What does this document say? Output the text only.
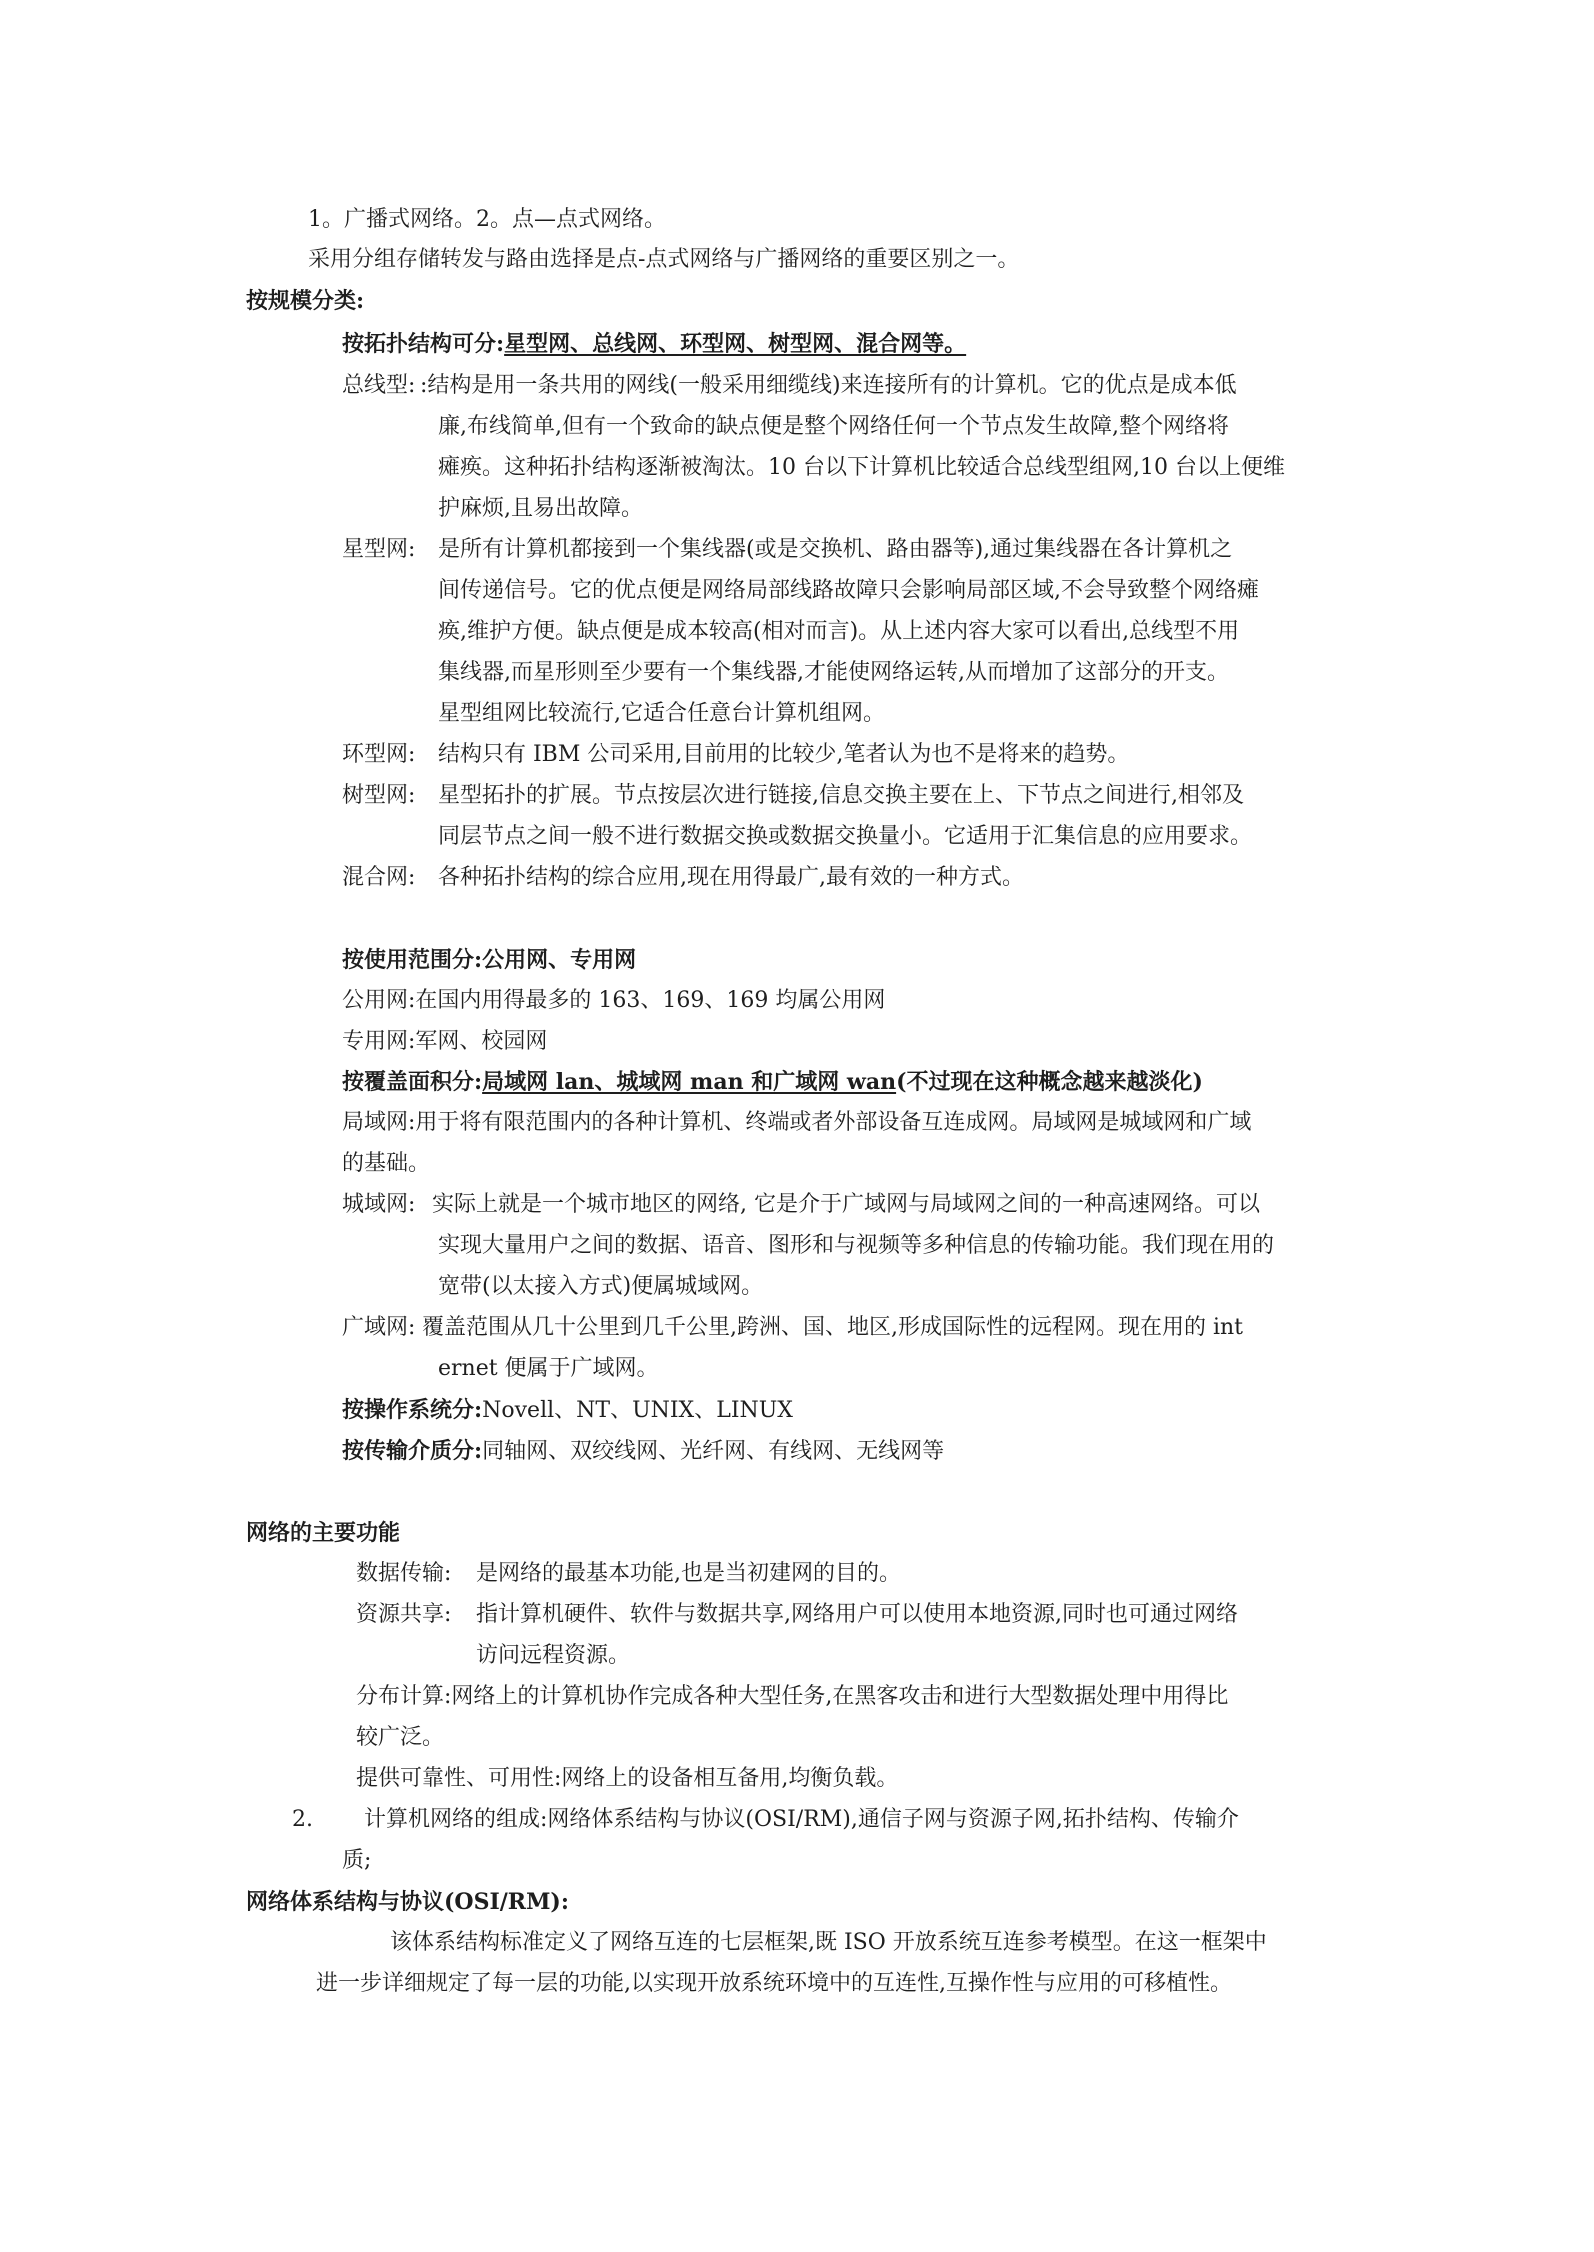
1。广播式网络。2。点—点式网络。
采用分组存储转发与路由选择是点-点式网络与广播网络的重要区别之一。
按规模分类:
按拓扑结构可分:星型网、总线网、环型网、树型网、混合网等。
总线型: :结构是用一条共用的网线(一般采用细缆线)来连接所有的计算机。它的优点是成本低
廉,布线简单,但有一个致命的缺点便是整个网络任何一个节点发生故障,整个网络将
瘫痪。这种拓扑结构逐渐被淘汰。10 台以下计算机比较适合总线型组网,10 台以上便维
护麻烦,且易出故障。
星型网: 是所有计算机都接到一个集线器(或是交换机、路由器等),通过集线器在各计算机之
间传递信号。它的优点便是网络局部线路故障只会影响局部区域,不会导致整个网络瘫
痪,维护方便。缺点便是成本较高(相对而言)。从上述内容大家可以看出,总线型不用
集线器,而星形则至少要有一个集线器,才能使网络运转,从而增加了这部分的开支。
星型组网比较流行,它适合任意台计算机组网。
环型网: 结构只有 IBM 公司采用,目前用的比较少,笔者认为也不是将来的趋势。
树型网: 星型拓扑的扩展。节点按层次进行链接,信息交换主要在上、下节点之间进行,相邻及
同层节点之间一般不进行数据交换或数据交换量小。它适用于汇集信息的应用要求。
混合网: 各种拓扑结构的综合应用,现在用得最广,最有效的一种方式。
按使用范围分:公用网、专用网
公用网:在国内用得最多的 163、169、169 均属公用网
专用网:军网、校园网
按覆盖面积分:局域网 lan、城域网 man 和广域网 wan(不过现在这种概念越来越淡化)
局域网:用于将有限范围内的各种计算机、终端或者外部设备互连成网。局域网是城域网和广域
的基础。
城域网: 实际上就是一个城市地区的网络, 它是介于广域网与局域网之间的一种高速网络。可以
实现大量用户之间的数据、语音、图形和与视频等多种信息的传输功能。我们现在用的
宽带(以太接入方式)便属城域网。
广域网: 覆盖范围从几十公里到几千公里,跨洲、国、地区,形成国际性的远程网。现在用的 int
ernet 便属于广域网。
按操作系统分:Novell、NT、UNIX、LINUX
按传输介质分:同轴网、双绞线网、光纤网、有线网、无线网等
网络的主要功能
数据传输: 是网络的最基本功能,也是当初建网的目的。
资源共享: 指计算机硬件、软件与数据共享,网络用户可以使用本地资源,同时也可通过网络
访问远程资源。
分布计算:网络上的计算机协作完成各种大型任务,在黑客攻击和进行大型数据处理中用得比
较广泛。
提供可靠性、可用性:网络上的设备相互备用,均衡负载。
2. 计算机网络的组成:网络体系结构与协议(OSI/RM),通信子网与资源子网,拓扑结构、传输介
质;
网络体系结构与协议(OSI/RM):
该体系结构标准定义了网络互连的七层框架,既 ISO 开放系统互连参考模型。在这一框架中
进一步详细规定了每一层的功能,以实现开放系统环境中的互连性,互操作性与应用的可移植性。
